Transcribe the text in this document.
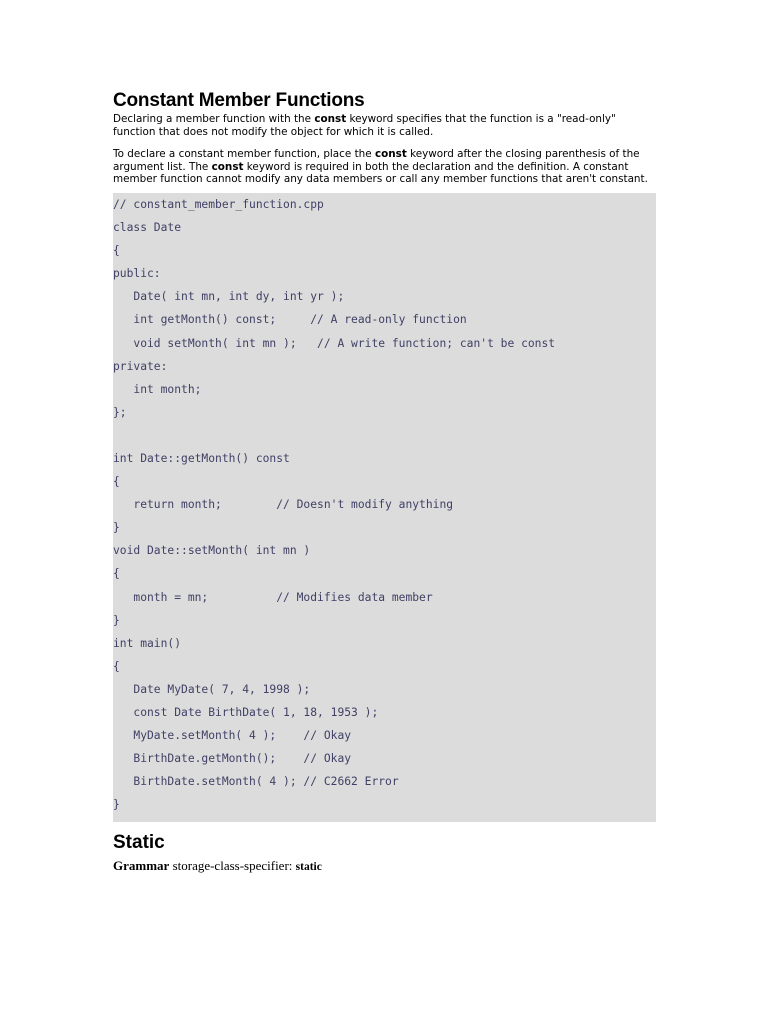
Constant Member Functions

Declaring a member function with the const keyword specifies that the function is a "read-only" function that does not modify the object for which it is called.

To declare a constant member function, place the const keyword after the closing parenthesis of the argument list. The const keyword is required in both the declaration and the definition. A constant member function cannot modify any data members or call any member functions that aren't constant.

// constant_member_function.cpp
class Date
{
public:
Date( int mn, int dy, int yr );
int getMonth() const;     // A read-only function
void setMonth( int mn );   // A write function; can't be const
private:
int month;
};
int Date::getMonth() const
{
return month;        // Doesn't modify anything
}
void Date::setMonth( int mn )
{
month = mn;          // Modifies data member
}
int main()
{
Date MyDate( 7, 4, 1998 );
const Date BirthDate( 1, 18, 1953 );
MyDate.setMonth( 4 );    // Okay
BirthDate.getMonth();    // Okay
BirthDate.setMonth( 4 ); // C2662 Error
}
Static
Grammar storage-class-specifier: static
